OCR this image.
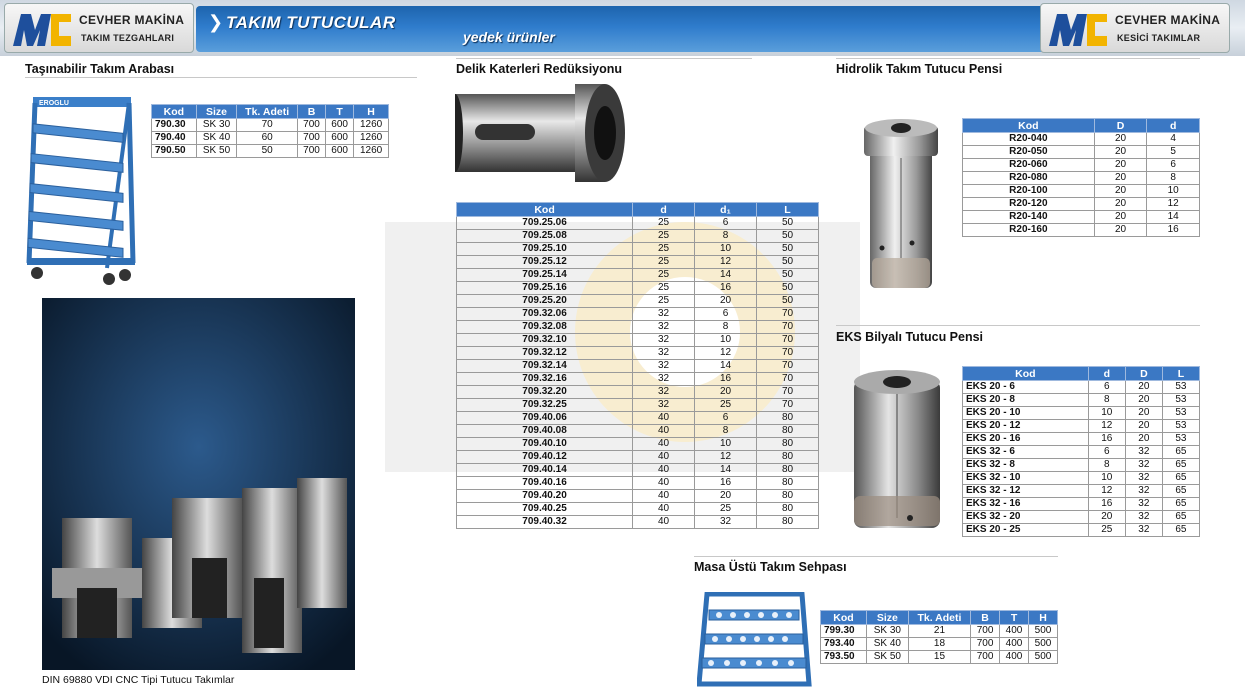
CEVHER MAKİNA
TAKIM TEZGAHLARI
❯ TAKIM TUTUCULAR
yedek ürünler
CEVHER MAKİNA
KESİCİ TAKIMLAR
Taşınabilir Takım Arabası
EROGLU
Kod	Size	Tk. Adeti	B	T	H
790.30	SK 30	70	700	600	1260
790.40	SK 40	60	700	600	1260
790.50	SK 50	50	700	600	1260
DIN 69880 VDI CNC Tipi Tutucu Takımlar
Delik Katerleri Redüksiyonu
Kod	d	d₁	L
709.25.06	25	6	50
709.25.08	25	8	50
709.25.10	25	10	50
709.25.12	25	12	50
709.25.14	25	14	50
709.25.16	25	16	50
709.25.20	25	20	50
709.32.06	32	6	70
709.32.08	32	8	70
709.32.10	32	10	70
709.32.12	32	12	70
709.32.14	32	14	70
709.32.16	32	16	70
709.32.20	32	20	70
709.32.25	32	25	70
709.40.06	40	6	80
709.40.08	40	8	80
709.40.10	40	10	80
709.40.12	40	12	80
709.40.14	40	14	80
709.40.16	40	16	80
709.40.20	40	20	80
709.40.25	40	25	80
709.40.32	40	32	80
Hidrolik Takım Tutucu Pensi
Kod	D	d
R20-040	20	4
R20-050	20	5
R20-060	20	6
R20-080	20	8
R20-100	20	10
R20-120	20	12
R20-140	20	14
R20-160	20	16
EKS Bilyalı Tutucu Pensi
Kod	d	D	L
EKS 20 - 6	6	20	53
EKS 20 - 8	8	20	53
EKS 20 - 10	10	20	53
EKS 20 - 12	12	20	53
EKS 20 - 16	16	20	53
EKS 32 - 6	6	32	65
EKS 32 - 8	8	32	65
EKS 32 - 10	10	32	65
EKS 32 - 12	12	32	65
EKS 32 - 16	16	32	65
EKS 32 - 20	20	32	65
EKS 20 - 25	25	32	65
Masa Üstü Takım Sehpası
Kod	Size	Tk. Adeti	B	T	H
799.30	SK 30	21	700	400	500
793.40	SK 40	18	700	400	500
793.50	SK 50	15	700	400	500
